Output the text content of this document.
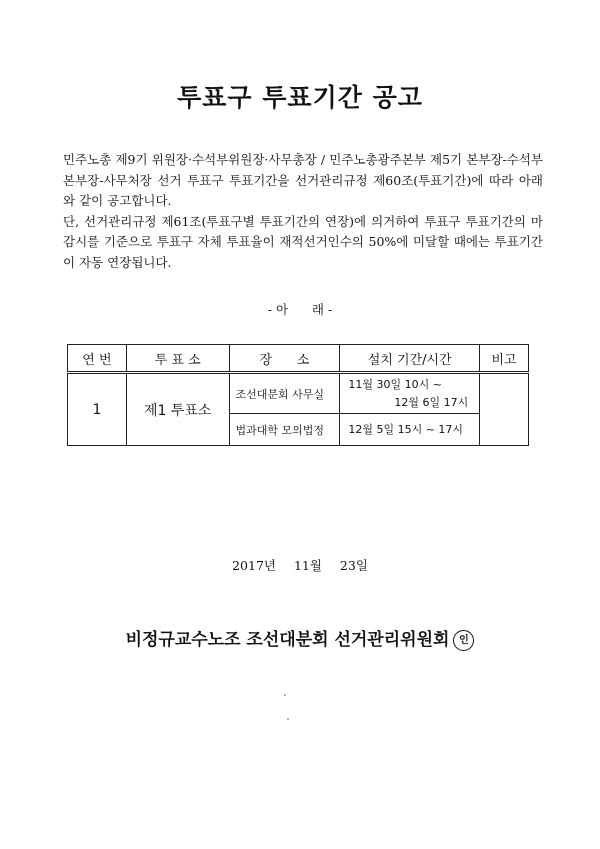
투표구 투표기간 공고

민주노총 제9기 위원장·수석부위원장·사무총장 / 민주노총광주본부 제5기 본부장-수석부본부장-사무처장 선거 투표구 투표기간을 선거관리규정 제60조(투표기간)에 따라 아래와 같이 공고합니다.

단, 선거관리규정 제61조(투표구별 투표기간의 연장)에 의거하여 투표구 투표기간의 마감시를 기준으로 투표구 자체 투표율이 재적선거인수의 50%에 미달할 때에는 투표기간이 자동 연장됩니다.

- 아      래 -
연 번	투 표 소	장      소	설치 기간/시간	비고
1	제1 투표소	조선대분회 사무실	11월 30일 10시 ~
12월 6일 17시	

		법과대학 모의법정	12월 5일 15시 ~ 17시	
2017년 11월 23일
비정규교수노조 조선대분회 선거관리위원회 인
